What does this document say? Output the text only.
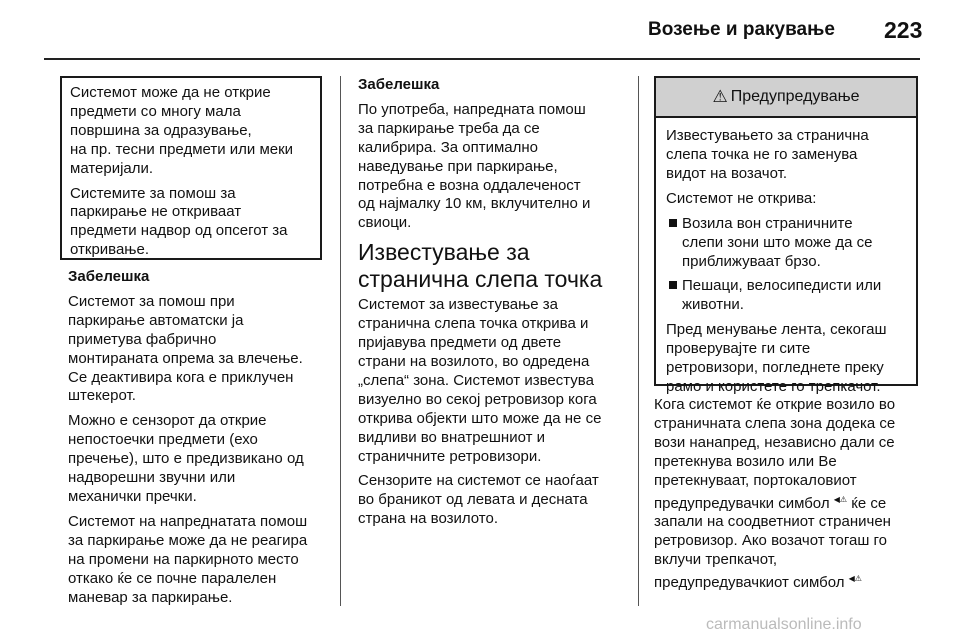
Возење и ракување 223

Системот може да не открие
предмети со многу мала
површина за одразување,
на пр. тесни предмети или меки
материјали.

Системите за помош за
паркирање не откриваат
предмети надвор од опсегот за
откривање.

Забелешка

Системот за помош при
паркирање автоматски ја
приметува фабрично
монтираната опрема за влечење.
Се деактивира кога е приклучен
штекерот.

Можно е сензорот да открие
непостоечки предмети (ехо
пречење), што е предизвикано од
надворешни звучни или
механички пречки.

Системот на напреднатата помош
за паркирање може да не реагира
на промени на паркирното место
откако ќе се почне паралелен
маневар за паркирање.

Забелешка

По употреба, напредната помош
за паркирање треба да се
калибрира. За оптимално
наведување при паркирање,
потребна е возна оддалеченост
од најмалку 10 км, вклучително и
свиоци.

Известување за
странична слепа точка

Системот за известување за
странична слепа точка открива и
пријавува предмети од двете
страни на возилото, во одредена
„слепа“ зона. Системот известува
визуелно во секој ретровизор кога
открива објекти што може да не се
видливи во внатрешниот и
страничните ретровизори.

Сензорите на системот се наоѓаат
во браникот од левата и десната
страна на возилото.

⚠ Предупредување

Известувањето за странична
слепа точка не го заменува
видот на возачот.

Системот не открива:

Возила вон страничните
слепи зони што може да се
приближуваат брзо.
Пешаци, велосипедисти или
животни.

Пред менување лента, секогаш
проверувајте ги сите
ретровизори, погледнете преку
рамо и користете го трепкачот.

Кога системот ќе открие возило во
страничната слепа зона додека се
вози нанапред, независно дали се
претекнува возило или Ве
претекнуваат, портокаловиот
предупредувачки симбол ◀⚠ ќе се
запали на соодветниот страничен
ретровизор. Ако возачот тогаш го
вклучи трепкачот,
предупредувачкиот симбол ◀⚠

carmanualsonline.info
